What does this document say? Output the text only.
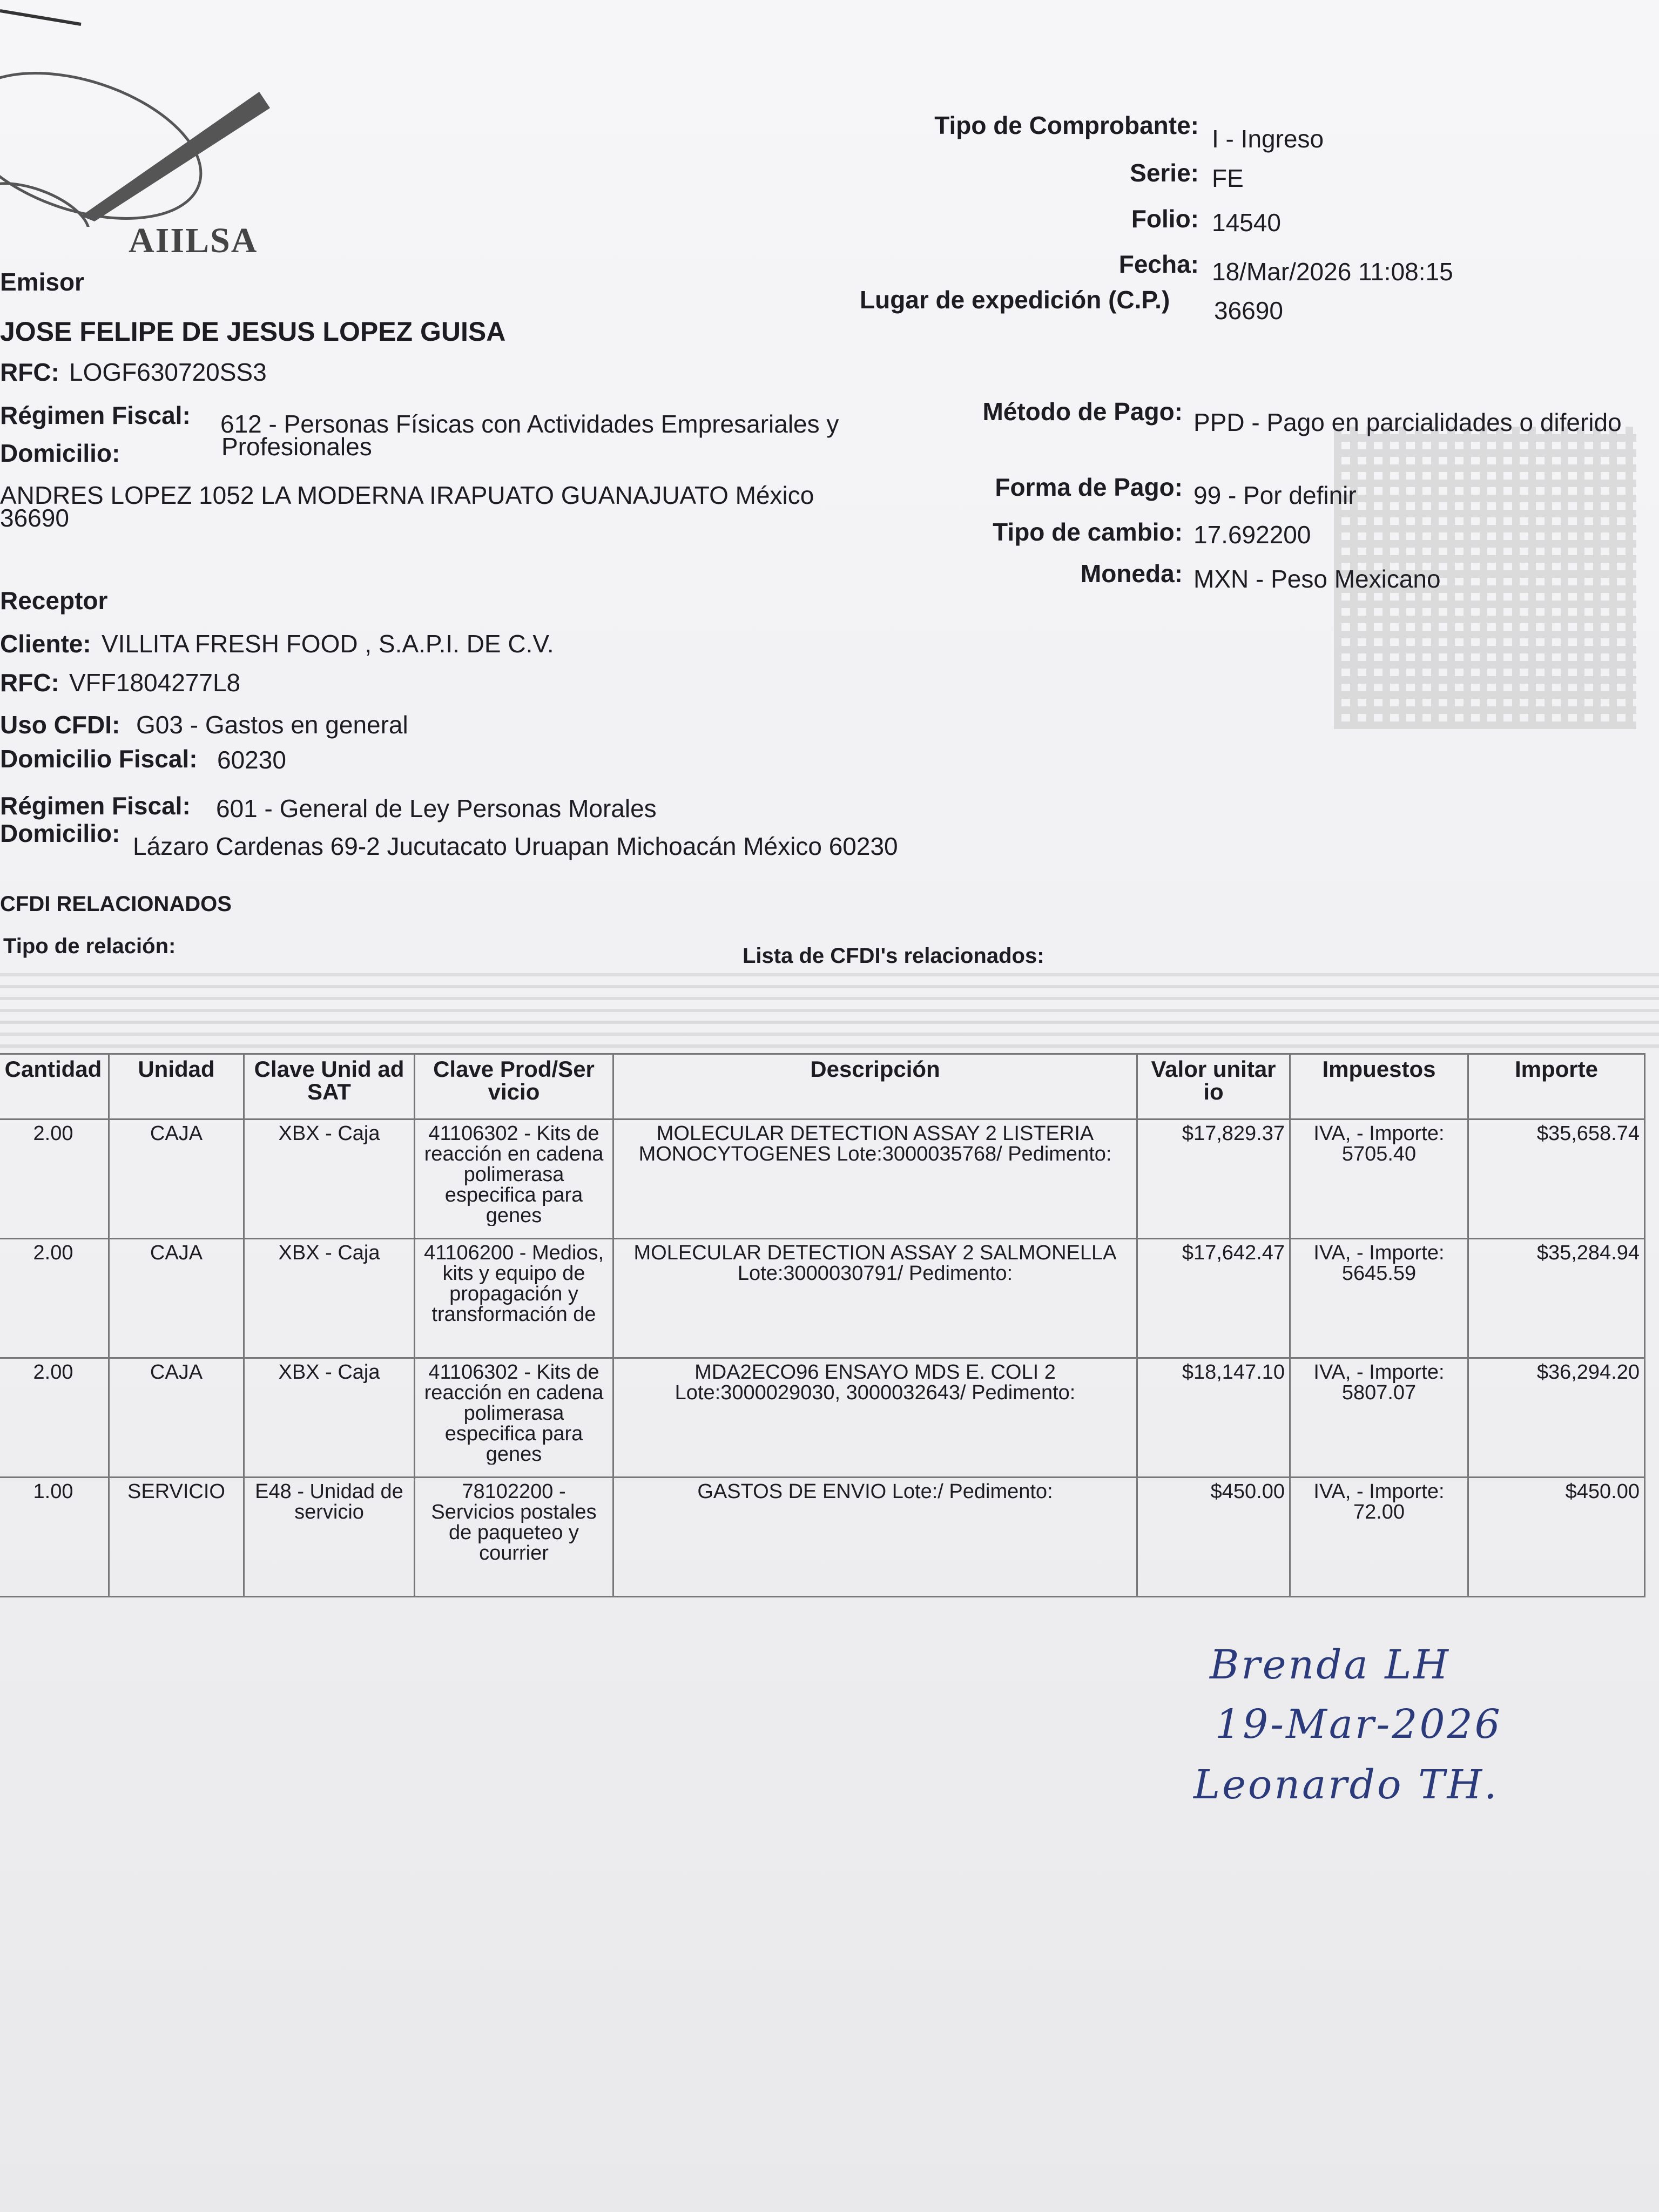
AIILSA
Tipo de Comprobante: I - Ingreso
Serie: FE
Folio: 14540
Fecha: 18/Mar/2026 11:08:15
Lugar de expedición (C.P.) 36690
Emisor
JOSE FELIPE DE JESUS LOPEZ GUISA
RFC: LOGF630720SS3
Régimen Fiscal: 612 - Personas Físicas con Actividades Empresariales y
Profesionales
Domicilio:
ANDRES LOPEZ 1052 LA MODERNA IRAPUATO GUANAJUATO México
36690
Método de Pago: PPD - Pago en parcialidades o diferido
Forma de Pago: 99 - Por definir
Tipo de cambio: 17.692200
Moneda: MXN - Peso Mexicano
Receptor
Cliente: VILLITA FRESH FOOD , S.A.P.I. DE C.V.
RFC: VFF1804277L8
Uso CFDI: G03 - Gastos en general
Domicilio Fiscal: 60230
Régimen Fiscal: 601 - General de Ley Personas Morales
Domicilio: Lázaro Cardenas 69-2 Jucutacato Uruapan Michoacán México 60230
CFDI RELACIONADOS
Tipo de relación:	Lista de CFDI's relacionados:
Cantidad	Unidad	Clave Unid ad SAT	Clave Prod/Ser vicio	Descripción	Valor unitar io	Impuestos	Importe
2.00	CAJA	XBX - Caja	41106302 - Kits de reacción en cadena polimerasa especifica para genes	MOLECULAR DETECTION ASSAY 2 LISTERIA MONOCYTOGENES Lote:3000035768/ Pedimento:	$17,829.37	IVA, - Importe: 5705.40	$35,658.74
2.00	CAJA	XBX - Caja	41106200 - Medios, kits y equipo de propagación y transformación de	MOLECULAR DETECTION ASSAY 2 SALMONELLA Lote:3000030791/ Pedimento:	$17,642.47	IVA, - Importe: 5645.59	$35,284.94
2.00	CAJA	XBX - Caja	41106302 - Kits de reacción en cadena polimerasa especifica para genes	MDA2ECO96 ENSAYO MDS E. COLI 2 Lote:3000029030, 3000032643/ Pedimento:	$18,147.10	IVA, - Importe: 5807.07	$36,294.20
1.00	SERVICIO	E48 - Unidad de servicio	78102200 - Servicios postales de paqueteo y courrier	GASTOS DE ENVIO Lote:/ Pedimento:	$450.00	IVA, - Importe: 72.00	$450.00
Brenda LH
19-Mar-2026
Leonardo TH.
